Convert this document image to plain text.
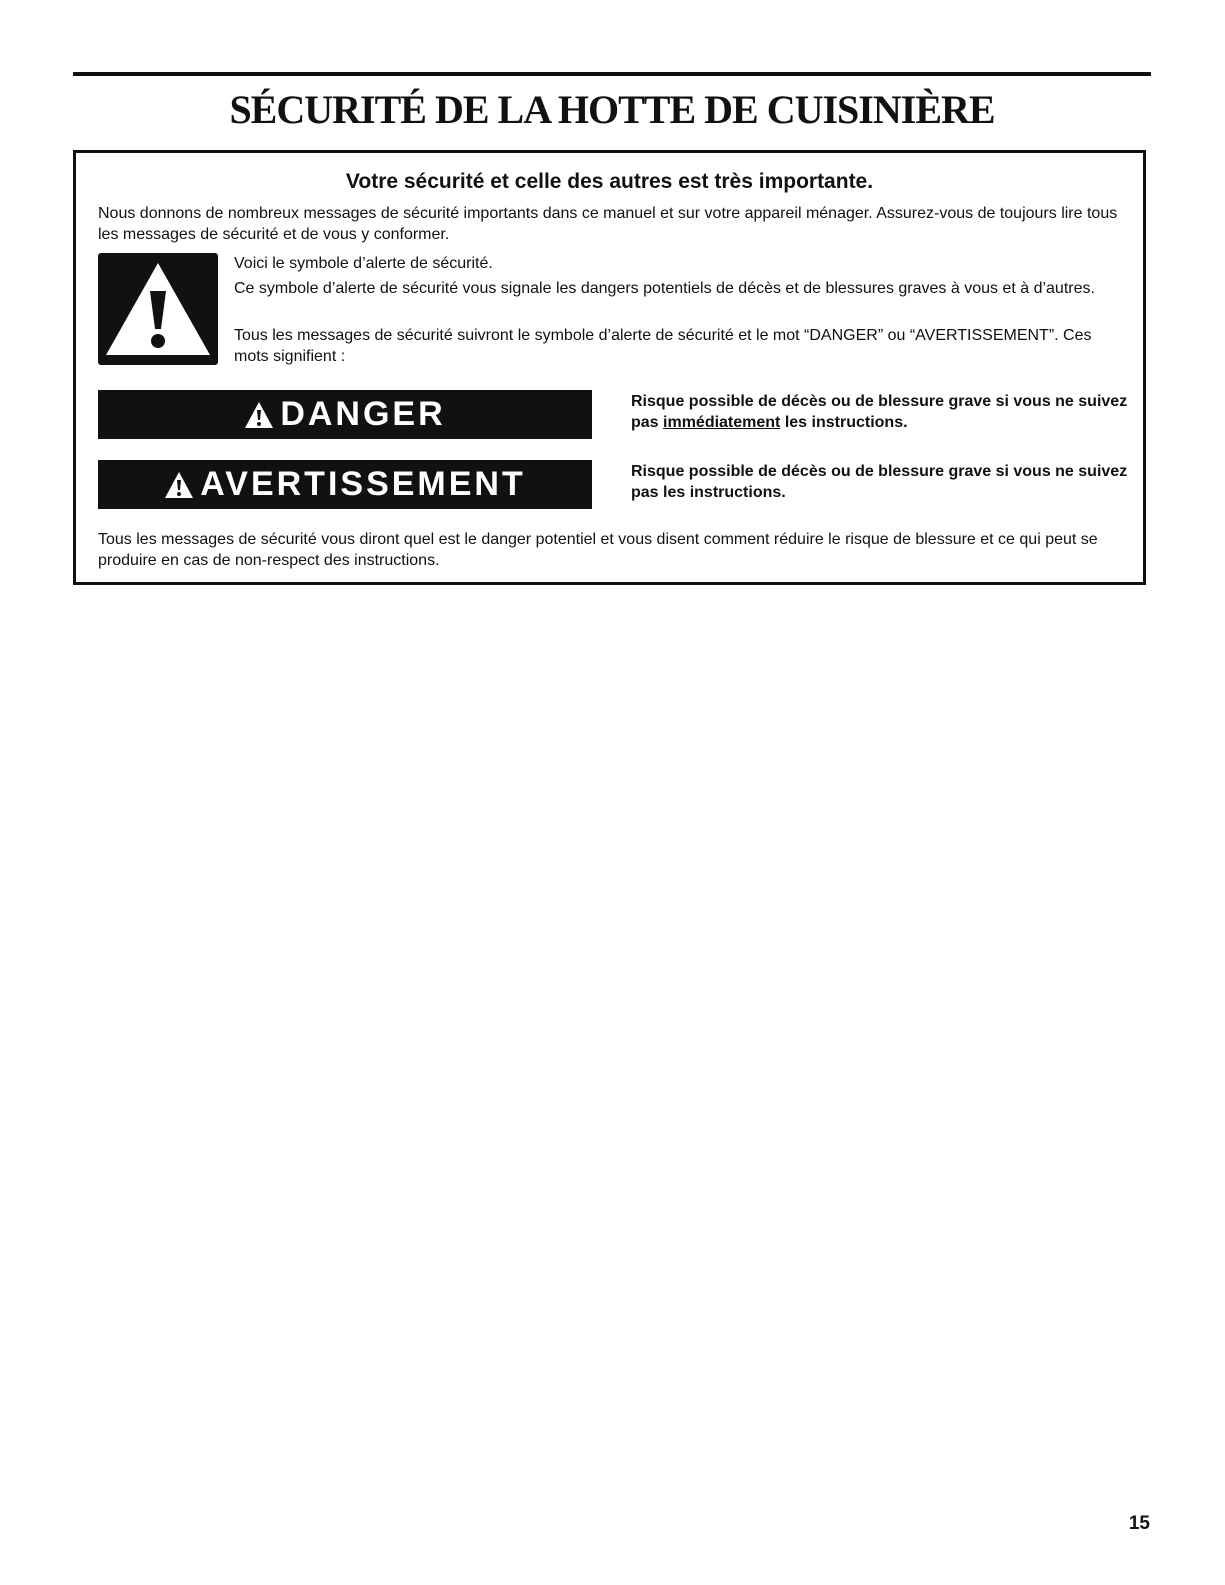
SÉCURITÉ DE LA HOTTE DE CUISINIÈRE
Votre sécurité et celle des autres est très importante.

Nous donnons de nombreux messages de sécurité importants dans ce manuel et sur votre appareil ménager. Assurez-vous de toujours lire tous les messages de sécurité et de vous y conformer.

Voici le symbole d’alerte de sécurité.

Ce symbole d’alerte de sécurité vous signale les dangers potentiels de décès et de blessures graves à vous et à d’autres.

Tous les messages de sécurité suivront le symbole d’alerte de sécurité et le mot “DANGER” ou “AVERTISSEMENT”. Ces mots signifient :

DANGER	Risque possible de décès ou de blessure grave si vous ne suivez pas immédiatement les instructions.

AVERTISSEMENT	Risque possible de décès ou de blessure grave si vous ne suivez pas les instructions.

Tous les messages de sécurité vous diront quel est le danger potentiel et vous disent comment réduire le risque de blessure et ce qui peut se produire en cas de non-respect des instructions.

15
